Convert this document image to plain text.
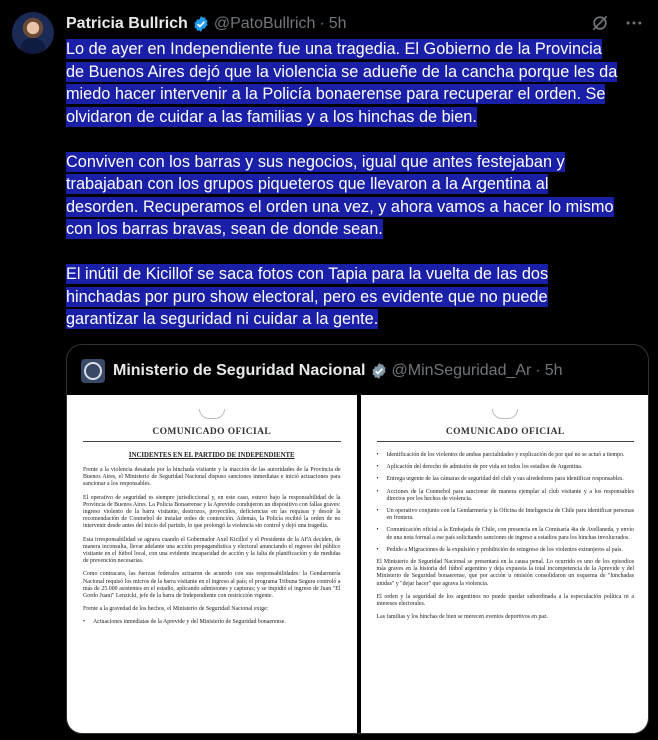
Patricia Bullrich @PatoBullrich · 5h
Lo de ayer en Independiente fue una tragedia. El Gobierno de la Provincia
de Buenos Aires dejó que la violencia se adueñe de la cancha porque les da
miedo hacer intervenir a la Policía bonaerense para recuperar el orden. Se
olvidaron de cuidar a las familias y a los hinchas de bien.
Conviven con los barras y sus negocios, igual que antes festejaban y
trabajaban con los grupos piqueteros que llevaron a la Argentina al
desorden. Recuperamos el orden una vez, y ahora vamos a hacer lo mismo
con los barras bravas, sean de donde sean.
El inútil de Kicillof se saca fotos con Tapia para la vuelta de las dos
hinchadas por puro show electoral, pero es evidente que no puede
garantizar la seguridad ni cuidar a la gente.
Ministerio de Seguridad Nacional @MinSeguridad_Ar · 5h
COMUNICADO OFICIAL
INCIDENTES EN EL PARTIDO DE INDEPENDIENTE

Frente a la violencia desatada por la hinchada visitante y la inacción de las autoridades de la Provincia de Buenos Aires, el Ministerio de Seguridad Nacional dispuso sanciones inmediatas e inició actuaciones para sancionar a los responsables.

El operativo de seguridad es siempre jurisdiccional y, en este caso, estuvo bajo la responsabilidad de la Provincia de Buenos Aires. La Policía Bonaerense y la Aprevide condujeron un dispositivo con fallas graves: ingreso violento de la barra visitante, destrozos, proyectiles, deficiencias en las requisas y desoír la recomendación de Conmebol de instalar redes de contención. Además, la Policía recibió la orden de no intervenir desde antes del inicio del partido, lo que prolongó la violencia sin control y dejó una tragedia.

Esta irresponsabilidad se agrava cuando el Gobernador Axel Kicillof y el Presidente de la AFA deciden, de manera inconsulta, llevar adelante una acción propagandística y electoral anunciando el regreso del público visitante en el fútbol local, con una evidente incapacidad de acción y la falta de planificación y de medidas de prevención necesarias.

Como contracara, las fuerzas federales actuaron de acuerdo con sus responsabilidades: la Gendarmería Nacional requisó los micros de la barra visitante en el ingreso al país; el programa Tribuna Segura controló a más de 25.000 asistentes en el estadio, aplicando admisiones y capturas; y se impidió el ingreso de Juan "El Gordo Juani" Lenzicki, jefe de la barra de Independiente con restricción vigente.

Frente a la gravedad de los hechos, el Ministerio de Seguridad Nacional exige:

• Actuaciones inmediatas de la Aprevide y del Ministerio de Seguridad bonaerense.
COMUNICADO OFICIAL
• Identificación de los violentos de ambas parcialidades y explicación de por qué no se actuó a tiempo.
• Aplicación del derecho de admisión de por vida en todos los estadios de Argentina.
• Entrega urgente de las cámaras de seguridad del club y sus alrededores para identificar responsables.
• Acciones de la Conmebol para sancionar de manera ejemplar al club visitante y a los responsables directos por los hechos de violencia.
• Un operativo conjunto con la Gendarmería y la Oficina de Inteligencia de Chile para identificar personas en frontera.
• Comunicación oficial a la Embajada de Chile, con presencia en la Comisaría 4ta de Avellaneda, y envío de una nota formal a ese país solicitando sanciones de ingreso a estadios para los hinchas involucrados.
• Pedido a Migraciones de la expulsión y prohibición de reingreso de los violentos extranjeros al país.

El Ministerio de Seguridad Nacional se presentará en la causa penal. Lo ocurrido es uno de los episodios más graves en la historia del fútbol argentino y deja expuesta la total incompetencia de la Aprevide y del Ministerio de Seguridad bonaerense, que por acción u omisión consolidaron un esquema de "hinchadas unidas" y "dejar hacer" que agrava la violencia.

El orden y la seguridad de los argentinos no puede quedar subordinada a la especulación política ni a intereses electorales.

Las familias y los hinchas de bien se merecen eventos deportivos en paz.
